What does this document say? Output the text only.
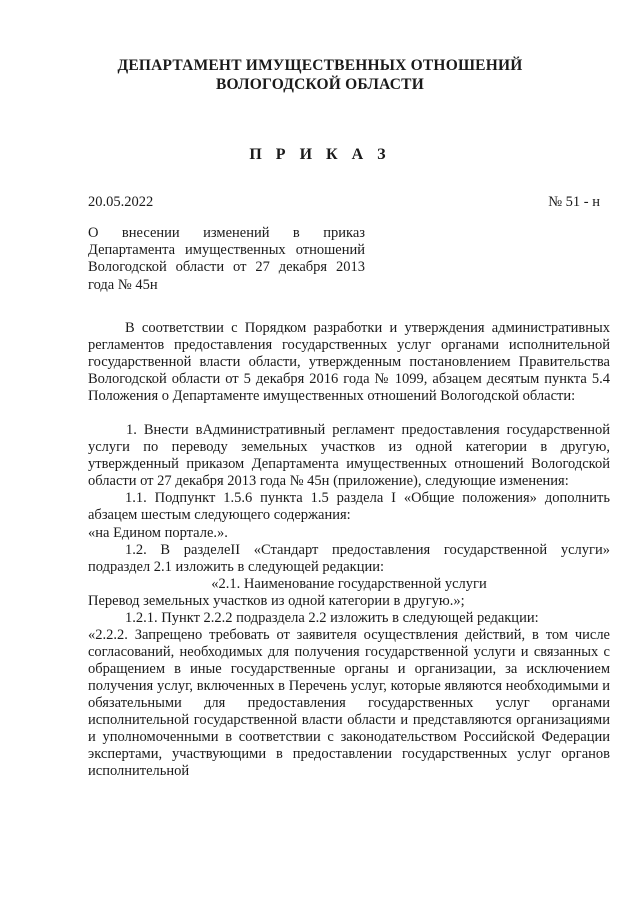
ДЕПАРТАМЕНТ ИМУЩЕСТВЕННЫХ ОТНОШЕНИЙ
ВОЛОГОДСКОЙ ОБЛАСТИ
П Р И К А З
20.05.2022	№ 51 - н
О внесении изменений в приказ Департамента имущественных отношений Вологодской области от 27 декабря 2013 года № 45н

В соответствии с Порядком разработки и утверждения административных регламентов предоставления государственных услуг органами исполнительной государственной власти области, утвержденным постановлением Правительства Вологодской области от 5 декабря 2016 года № 1099, абзацем десятым пункта 5.4 Положения о Департаменте имущественных отношений Вологодской области:

1. Внести вАдминистративный регламент предоставления государственной услуги по переводу земельных участков из одной категории в другую, утвержденный приказом Департамента имущественных отношений Вологодской области от 27 декабря 2013 года № 45н (приложение), следующие изменения:

1.1. Подпункт 1.5.6 пункта 1.5 раздела I «Общие положения» дополнить абзацем шестым следующего содержания:

«на Едином портале.».

1.2. В разделеII «Стандарт предоставления государственной услуги» подраздел 2.1 изложить в следующей редакции:

«2.1. Наименование государственной услуги

Перевод земельных участков из одной категории в другую.»;

1.2.1. Пункт 2.2.2 подраздела 2.2 изложить в следующей редакции:

«2.2.2. Запрещено требовать от заявителя осуществления действий, в том числе согласований, необходимых для получения государственной услуги и связанных с обращением в иные государственные органы и организации, за исключением получения услуг, включенных в Перечень услуг, которые являются необходимыми и обязательными для предоставления государственных услуг органами исполнительной государственной власти области и представляются организациями и уполномоченными в соответствии с законодательством Российской Федерации экспертами, участвующими в предоставлении государственных услуг органов исполнительной
